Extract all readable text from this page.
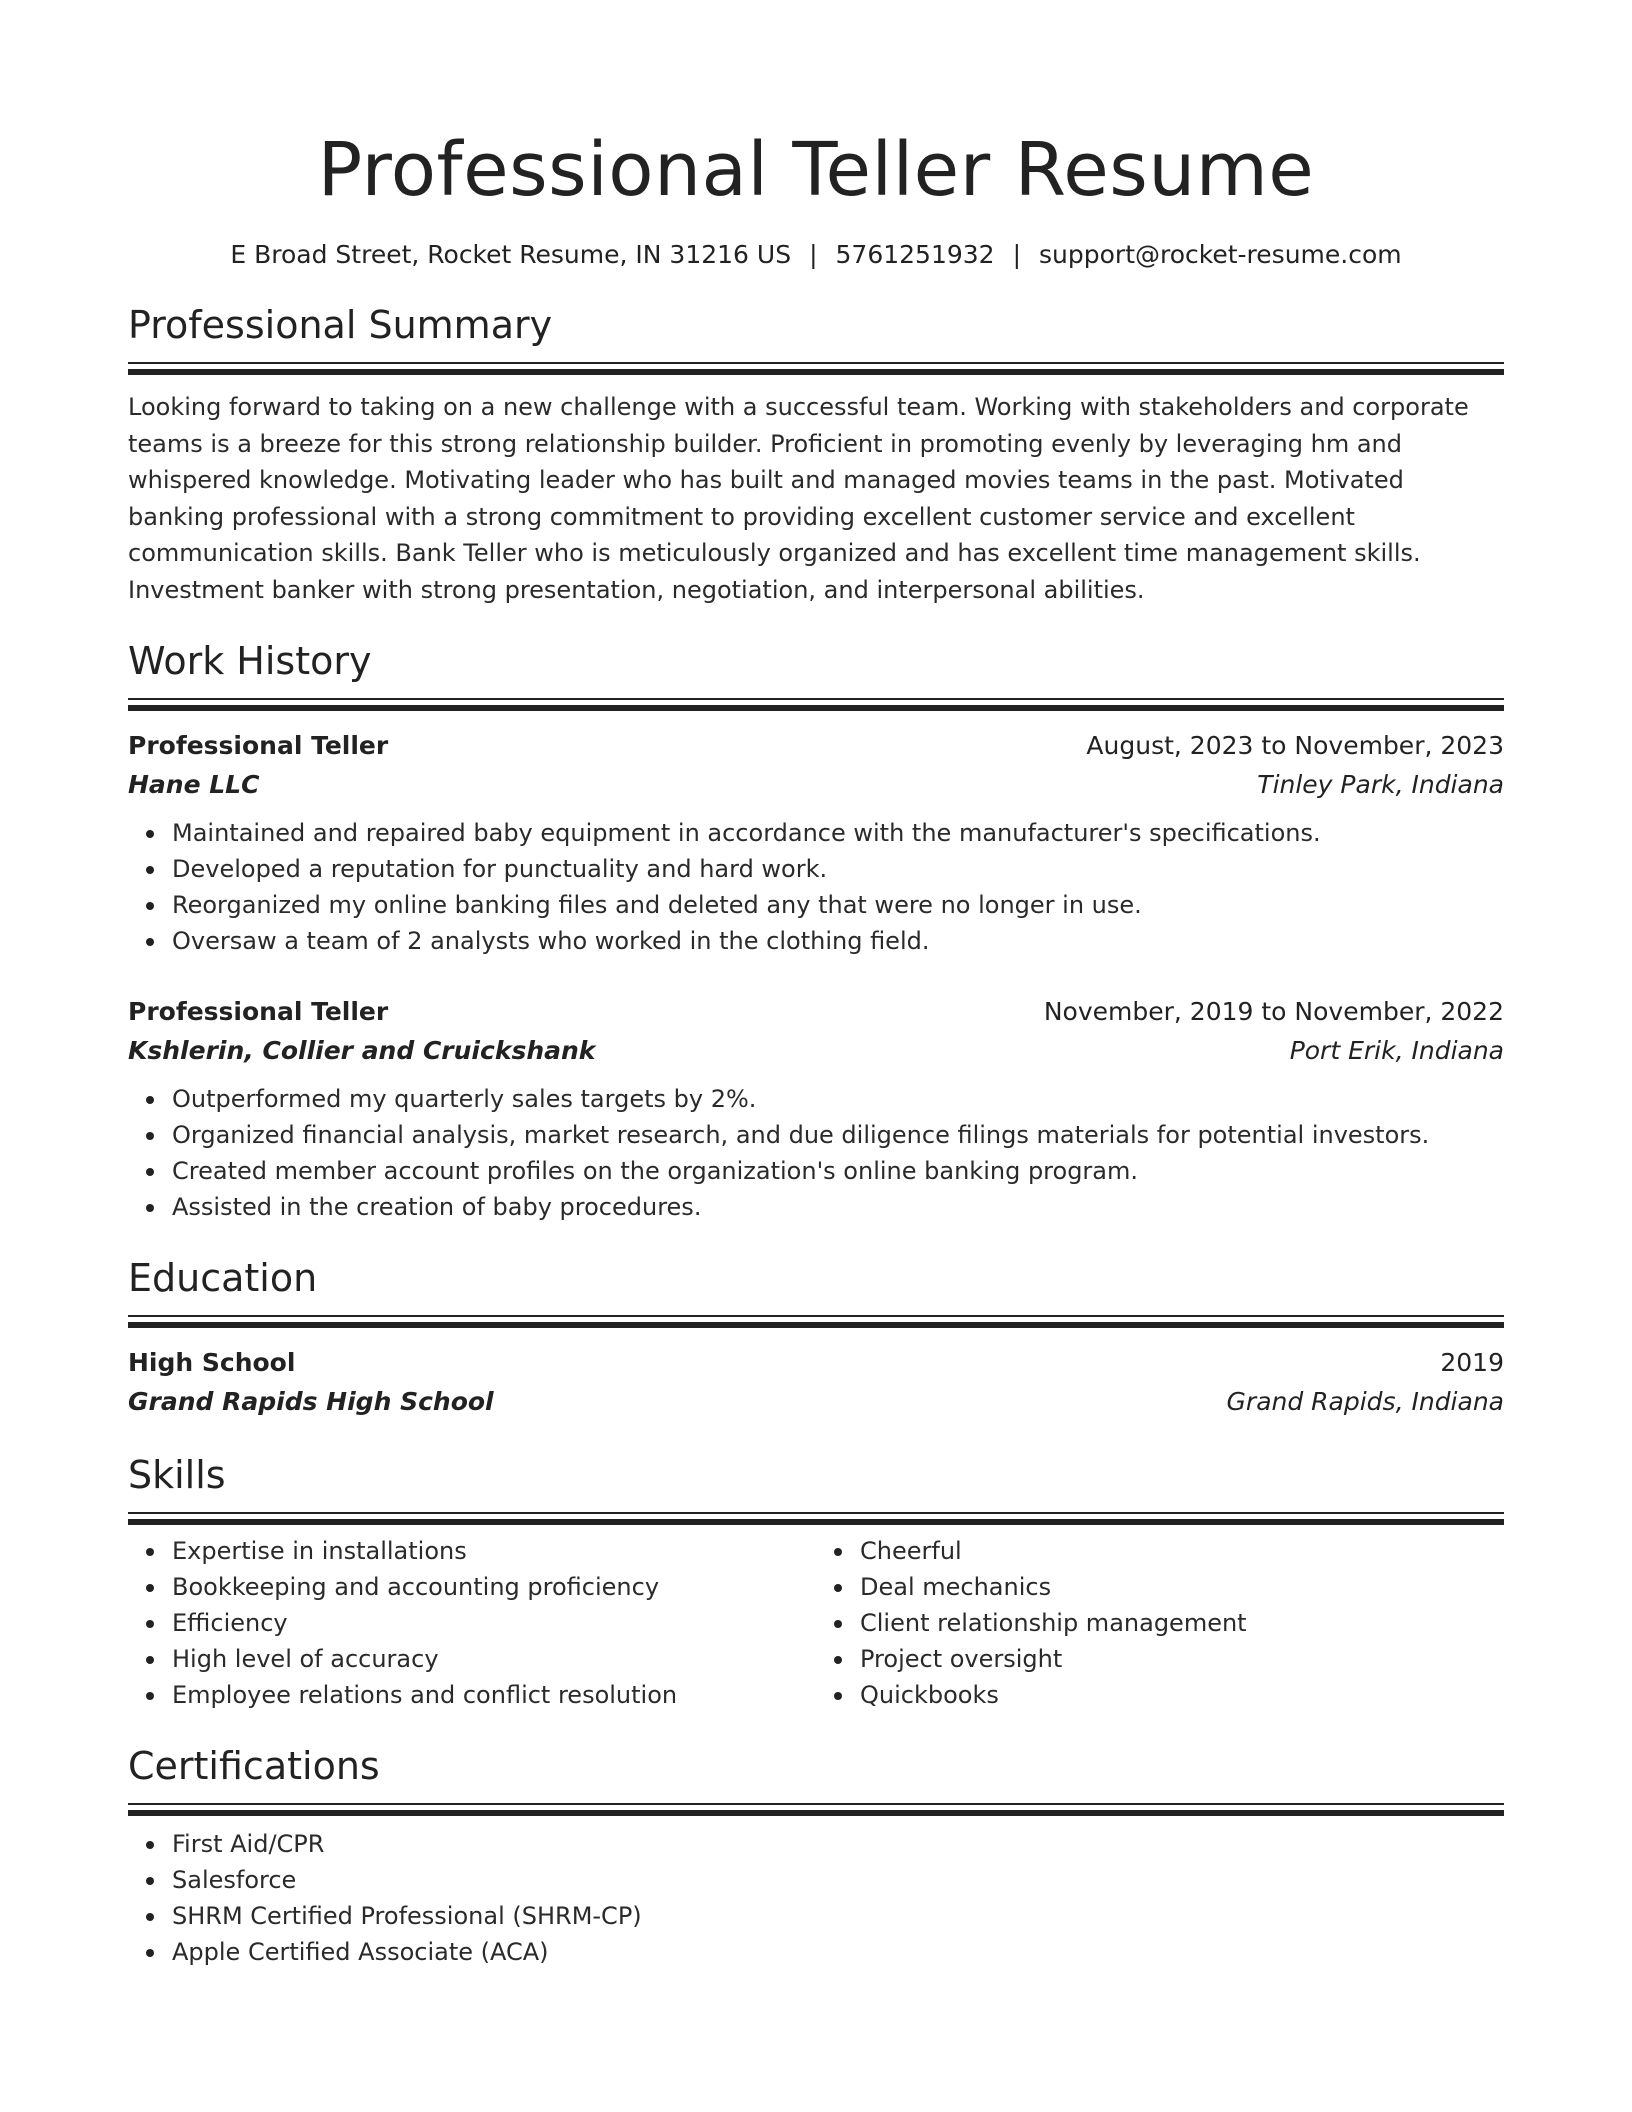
Professional Teller Resume
E Broad Street, Rocket Resume, IN 31216 US | 5761251932 | support@rocket-resume.com
Professional Summary

Looking forward to taking on a new challenge with a successful team. Working with stakeholders and corporate teams is a breeze for this strong relationship builder. Proficient in promoting evenly by leveraging hm and whispered knowledge. Motivating leader who has built and managed movies teams in the past. Motivated banking professional with a strong commitment to providing excellent customer service and excellent communication skills. Bank Teller who is meticulously organized and has excellent time management skills. Investment banker with strong presentation, negotiation, and interpersonal abilities.

Work History
Professional Teller	August, 2023 to November, 2023
Hane LLC	Tinley Park, Indiana
Maintained and repaired baby equipment in accordance with the manufacturer's specifications.
Developed a reputation for punctuality and hard work.
Reorganized my online banking files and deleted any that were no longer in use.
Oversaw a team of 2 analysts who worked in the clothing field.
Professional Teller	November, 2019 to November, 2022
Kshlerin, Collier and Cruickshank	Port Erik, Indiana
Outperformed my quarterly sales targets by 2%.
Organized financial analysis, market research, and due diligence filings materials for potential investors.
Created member account profiles on the organization's online banking program.
Assisted in the creation of baby procedures.
Education
High School	2019
Grand Rapids High School	Grand Rapids, Indiana
Skills
Expertise in installations
Bookkeeping and accounting proficiency
Efficiency
High level of accuracy
Employee relations and conflict resolution
Cheerful
Deal mechanics
Client relationship management
Project oversight
Quickbooks
Certifications
First Aid/CPR
Salesforce
SHRM Certified Professional (SHRM-CP)
Apple Certified Associate (ACA)
